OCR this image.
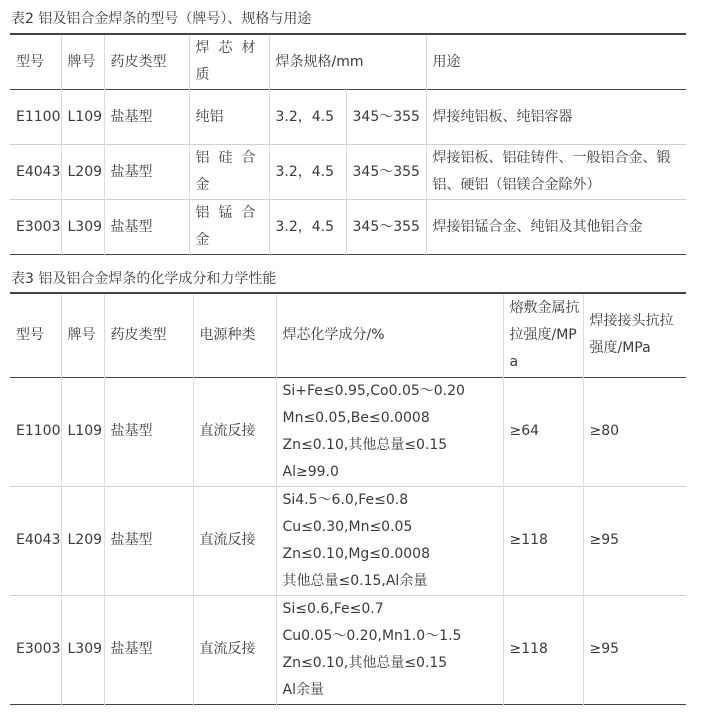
表2 铝及铝合金焊条的型号（牌号）、规格与用途
型号	牌号	药皮类型	焊芯材质	焊条规格/mm		用途
E1100	L109	盐基型	纯铝	3.2，4.5	345～355	焊接纯铝板、纯铝容器
E4043	L209	盐基型	铝硅合金	3.2，4.5	345～355	焊接铝板、铝硅铸件、一般铝合金、锻铝、硬铝（铝镁合金除外）
E3003	L309	盐基型	铝锰合金	3.2，4.5	345～355	焊接铝锰合金、纯铝及其他铝合金
表3 铝及铝合金焊条的化学成分和力学性能
型号	牌号	药皮类型	电源种类	焊芯化学成分/%	熔敷金属抗拉强度/MPa	焊接接头抗拉强度/MPa
E1100	L109	盐基型	直流反接	Si+Fe≤0.95,Co0.05～0.20
Mn≤0.05,Be≤0.0008
Zn≤0.10,其他总量≤0.15
Al≥99.0	≥64	≥80
E4043	L209	盐基型	直流反接	Si4.5～6.0,Fe≤0.8
Cu≤0.30,Mn≤0.05
Zn≤0.10,Mg≤0.0008
其他总量≤0.15,Al余量	≥118	≥95
E3003	L309	盐基型	直流反接	Si≤0.6,Fe≤0.7
Cu0.05～0.20,Mn1.0～1.5
Zn≤0.10,其他总量≤0.15
Al余量	≥118	≥95
